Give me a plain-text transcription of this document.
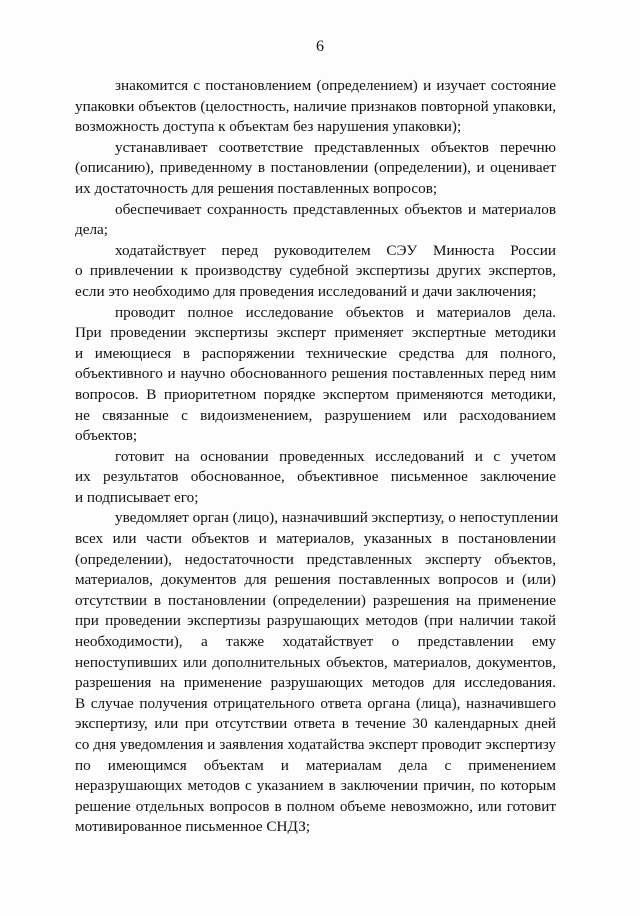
6
знакомится с постановлением (определением) и изучает состояние
упаковки объектов (целостность, наличие признаков повторной упаковки,
возможность доступа к объектам без нарушения упаковки);
устанавливает соответствие представленных объектов перечню
(описанию), приведенному в постановлении (определении), и оценивает
их достаточность для решения поставленных вопросов;
обеспечивает сохранность представленных объектов и материалов
дела;
ходатайствует перед руководителем СЭУ Минюста России
о привлечении к производству судебной экспертизы других экспертов,
если это необходимо для проведения исследований и дачи заключения;
проводит полное исследование объектов и материалов дела.
При проведении экспертизы эксперт применяет экспертные методики
и имеющиеся в распоряжении технические средства для полного,
объективного и научно обоснованного решения поставленных перед ним
вопросов. В приоритетном порядке экспертом применяются методики,
не связанные с видоизменением, разрушением или расходованием
объектов;
готовит на основании проведенных исследований и с учетом
их результатов обоснованное, объективное письменное заключение
и подписывает его;
уведомляет орган (лицо), назначивший экспертизу, о непоступлении
всех или части объектов и материалов, указанных в постановлении
(определении), недостаточности представленных эксперту объектов,
материалов, документов для решения поставленных вопросов и (или)
отсутствии в постановлении (определении) разрешения на применение
при проведении экспертизы разрушающих методов (при наличии такой
необходимости), а также ходатайствует о представлении ему
непоступивших или дополнительных объектов, материалов, документов,
разрешения на применение разрушающих методов для исследования.
В случае получения отрицательного ответа органа (лица), назначившего
экспертизу, или при отсутствии ответа в течение 30 календарных дней
со дня уведомления и заявления ходатайства эксперт проводит экспертизу
по имеющимся объектам и материалам дела с применением
неразрушающих методов с указанием в заключении причин, по которым
решение отдельных вопросов в полном объеме невозможно, или готовит
мотивированное письменное СНДЗ;
